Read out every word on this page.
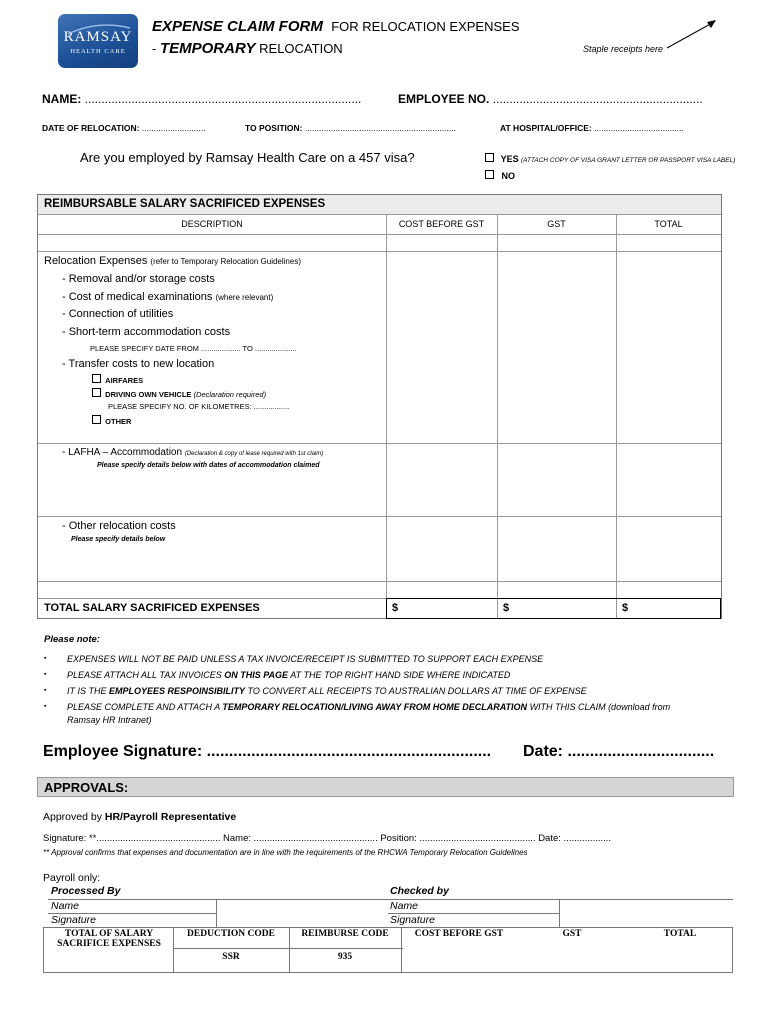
RAMSAY
HEALTH CARE
EXPENSE CLAIM FORM FOR RELOCATION EXPENSES
- TEMPORARY RELOCATION	Staple receipts here
NAME: ...................................................................................	EMPLOYEE NO. ...............................................................
DATE OF RELOCATION: ...........................	TO POSITION: ................................................................	AT HOSPITAL/OFFICE: ......................................
Are you employed by Ramsay Health Care on a 457 visa?	YES (ATTACH COPY OF VISA GRANT LETTER OR PASSPORT VISA LABEL)
NO
REIMBURSABLE SALARY SACRIFICED EXPENSES
DESCRIPTION	COST BEFORE GST	GST	TOTAL
Relocation Expenses (refer to Temporary Relocation Guidelines)
- Removal and/or storage costs
- Cost of medical examinations (where relevant)
- Connection of utilities
- Short-term accommodation costs
PLEASE SPECIFY DATE FROM ................... TO ....................
- Transfer costs to new location
AIRFARES
DRIVING OWN VEHICLE (Declaration required)
PLEASE SPECIFY NO. OF KILOMETRES: .................
OTHER
- LAFHA – Accommodation (Declaration & copy of lease required with 1st claim)
Please specify details below with dates of accommodation claimed
- Other relocation costs
Please specify details below
TOTAL SALARY SACRIFICED EXPENSES	$	$	$
Please note:
▪ EXPENSES WILL NOT BE PAID UNLESS A TAX INVOICE/RECEIPT IS SUBMITTED TO SUPPORT EACH EXPENSE
▪ PLEASE ATTACH ALL TAX INVOICES ON THIS PAGE AT THE TOP RIGHT HAND SIDE WHERE INDICATED
▪ IT IS THE EMPLOYEES RESPOINSIBILITY TO CONVERT ALL RECEIPTS TO AUSTRALIAN DOLLARS AT TIME OF EXPENSE
▪ PLEASE COMPLETE AND ATTACH A TEMPORARY RELOCATION/LIVING AWAY FROM HOME DECLARATION WITH THIS CLAIM (download from
Ramsay HR Intranet)
Employee Signature: ................................................................ Date: .................................
APPROVALS:
Approved by HR/Payroll Representative
Signature: **............................................... Name: ............................................... Position: ............................................ Date: ..................
** Approval confirms that expenses and documentation are in line with the requirements of the RHCWA Temporary Relocation Guidelines
Payroll only:
Processed By	Checked by
Name	Name
Signature	Signature
TOTAL OF SALARY SACRIFICE EXPENSES
DEDUCTION CODE	REIMBURSE CODE	COST BEFORE GST	GST	TOTAL
SSR	935
